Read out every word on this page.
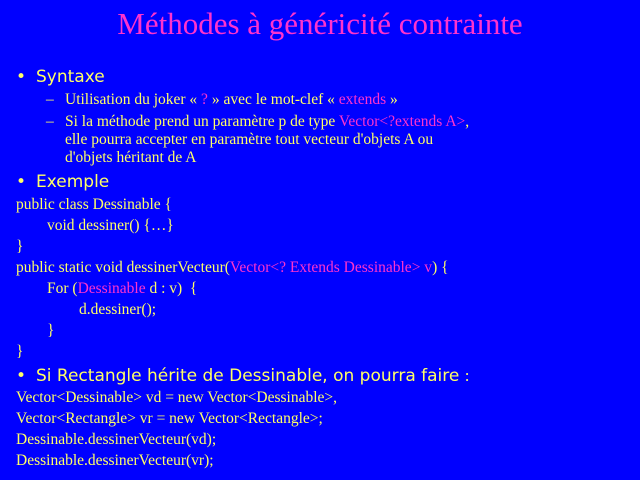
Méthodes à généricité contrainte
• Syntaxe
– Utilisation du joker « ? » avec le mot-clef « extends »
– Si la méthode prend un paramètre p de type Vector<?extends A>,
elle pourra accepter en paramètre tout vecteur d'objets A ou
d'objets héritant de A
• Exemple
public class Dessinable {
void dessiner() {…}
}
public static void dessinerVecteur(Vector<? Extends Dessinable> v) {
For (Dessinable d : v)  {
d.dessiner();
}
}
• Si Rectangle hérite de Dessinable, on pourra faire :
Vector<Dessinable> vd = new Vector<Dessinable>,
Vector<Rectangle> vr = new Vector<Rectangle>;
Dessinable.dessinerVecteur(vd);
Dessinable.dessinerVecteur(vr);
